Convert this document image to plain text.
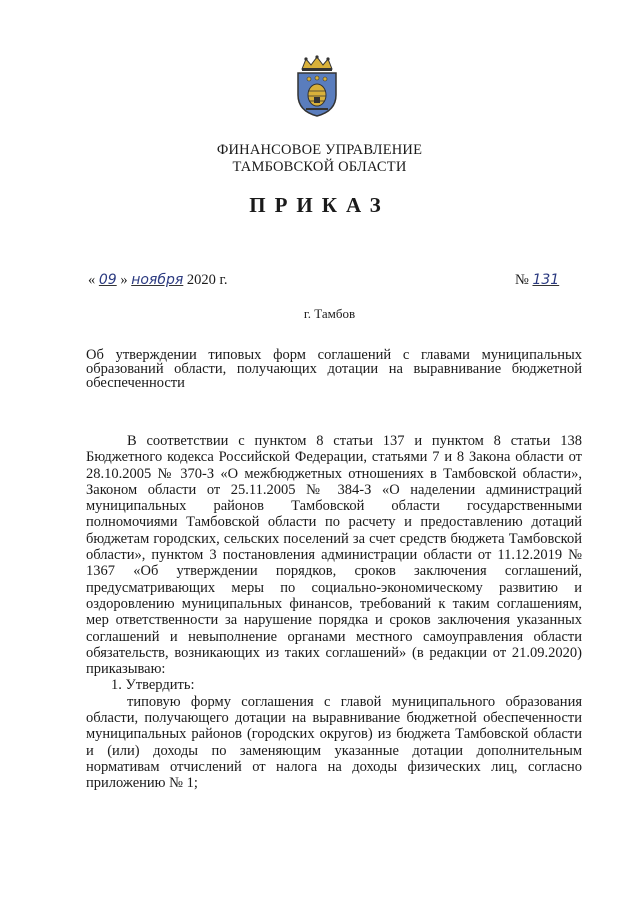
ФИНАНСОВОЕ УПРАВЛЕНИЕ
ТАМБОВСКОЙ ОБЛАСТИ
ПРИКАЗ
« 09 » ноября 2020 г.	№ 131
г. Тамбов
Об утверждении типовых форм соглашений с главами муниципальных образований области, получающих дотации на выравнивание бюджетной обеспеченности

В соответствии с пунктом 8 статьи 137 и пунктом 8 статьи 138 Бюджетного кодекса Российской Федерации, статьями 7 и 8 Закона области от 28.10.2005 № 370-З «О межбюджетных отношениях в Тамбовской области», Законом области от 25.11.2005 № 384-З «О наделении администраций муниципальных районов Тамбовской области государственными полномочиями Тамбовской области по расчету и предоставлению дотаций бюджетам городских, сельских поселений за счет средств бюджета Тамбовской области», пунктом 3 постановления администрации области от 11.12.2019 № 1367 «Об утверждении порядков, сроков заключения соглашений, предусматривающих меры по социально-экономическому развитию и оздоровлению муниципальных финансов, требований к таким соглашениям, мер ответственности за нарушение порядка и сроков заключения указанных соглашений и невыполнение органами местного самоуправления области обязательств, возникающих из таких соглашений» (в редакции от 21.09.2020) приказываю:

1. Утвердить:

типовую форму соглашения с главой муниципального образования области, получающего дотации на выравнивание бюджетной обеспеченности муниципальных районов (городских округов) из бюджета Тамбовской области и (или) доходы по заменяющим указанные дотации дополнительным нормативам отчислений от налога на доходы физических лиц, согласно приложению № 1;
